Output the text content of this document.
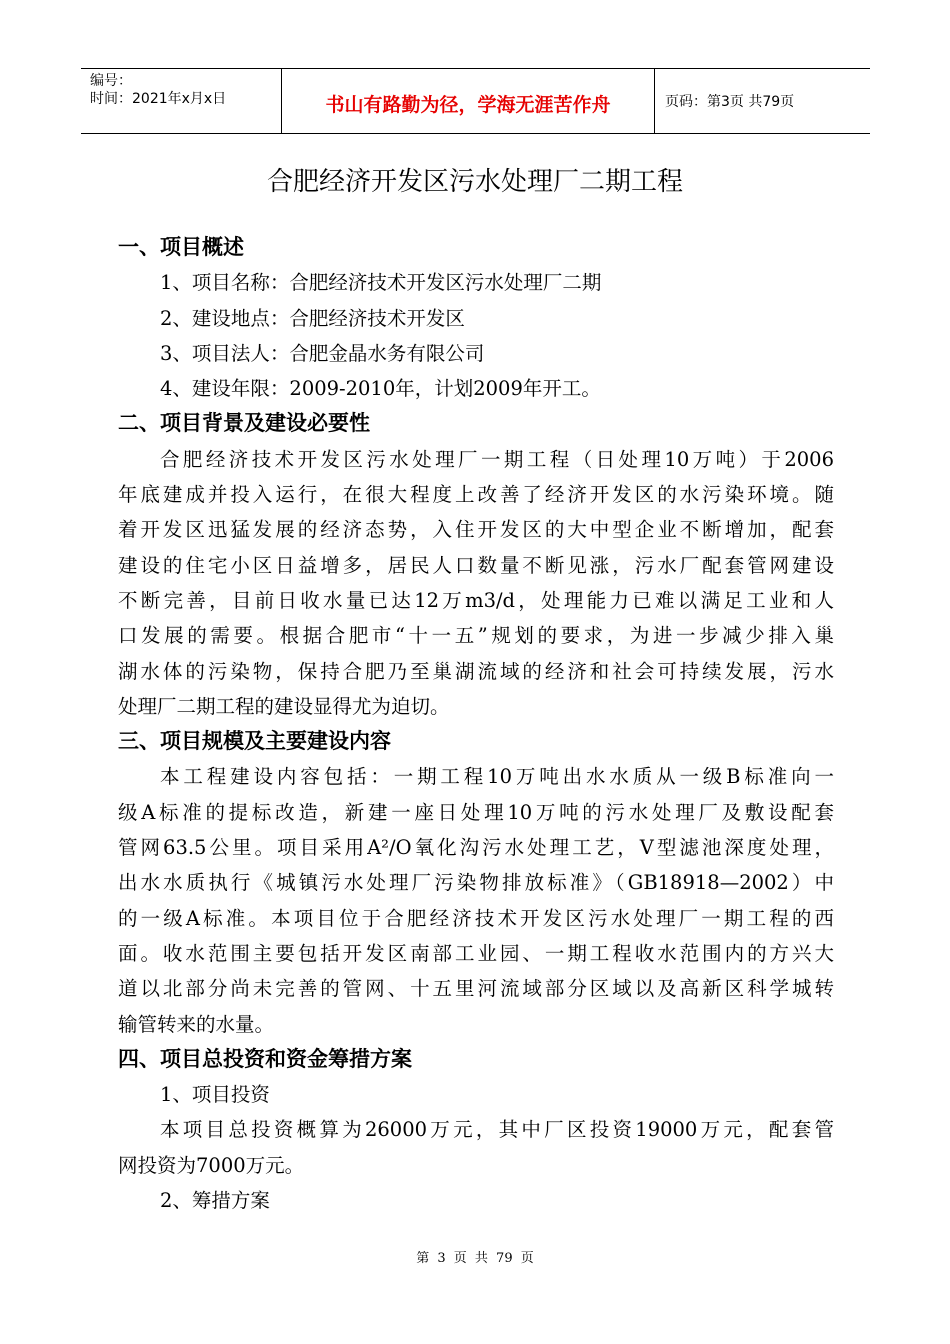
编号：
时间：2021年x月x日	书山有路勤为径，学海无涯苦作舟	页码：第3页 共79页
合肥经济开发区污水处理厂二期工程
一、项目概述
1、项目名称：合肥经济技术开发区污水处理厂二期
2、建设地点：合肥经济技术开发区
3、项目法人：合肥金晶水务有限公司
4、建设年限：2009-2010年，计划2009年开工。
二、项目背景及建设必要性
合肥经济技术开发区污水处理厂一期工程（日处理10万吨）于2006
年底建成并投入运行，在很大程度上改善了经济开发区的水污染环境。随
着开发区迅猛发展的经济态势，入住开发区的大中型企业不断增加，配套
建设的住宅小区日益增多，居民人口数量不断见涨，污水厂配套管网建设
不断完善，目前日收水量已达12万m3/d，处理能力已难以满足工业和人
口发展的需要。根据合肥市“十一五”规划的要求，为进一步减少排入巢
湖水体的污染物，保持合肥乃至巢湖流域的经济和社会可持续发展，污水
处理厂二期工程的建设显得尤为迫切。
三、项目规模及主要建设内容
本工程建设内容包括：一期工程10万吨出水水质从一级B标准向一
级A标准的提标改造，新建一座日处理10万吨的污水处理厂及敷设配套
管网63.5公里。项目采用A²/O氧化沟污水处理工艺，V型滤池深度处理，
出水水质执行《城镇污水处理厂污染物排放标准》（GB18918—2002）中
的一级A标准。本项目位于合肥经济技术开发区污水处理厂一期工程的西
面。收水范围主要包括开发区南部工业园、一期工程收水范围内的方兴大
道以北部分尚未完善的管网、十五里河流域部分区域以及高新区科学城转
输管转来的水量。
四、项目总投资和资金筹措方案
1、项目投资
本项目总投资概算为26000万元，其中厂区投资19000万元，配套管
网投资为7000万元。
2、筹措方案
第 3 页 共 79 页
